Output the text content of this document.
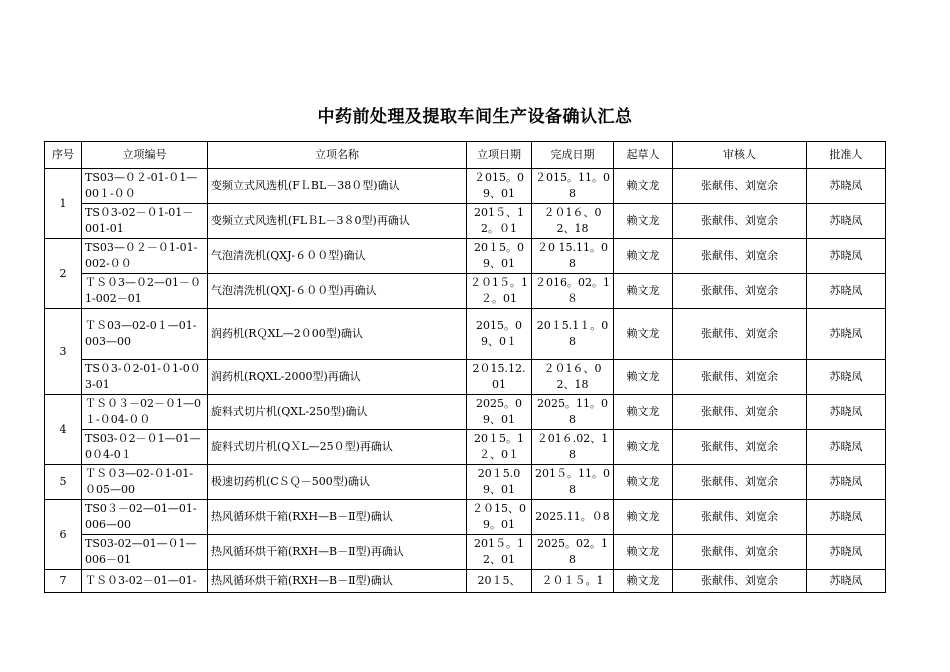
中药前处理及提取车间生产设备确认汇总
序号	立项编号	立项名称	立项日期	完成日期	起草人	审核人	批准人
1	TS03—０２-01-０1—00１-００	变频立式风选机(FＬBL－38０型)确认	２015。09、01	２015。11。08	赖文龙	张献伟、刘宽余	苏晓凤
	TS０3-02－０1-01－001-01	变频立式风选机(FLＢL－3８0型)再确认	201５、12。０1	２０1６、02、18	赖文龙	张献伟、刘宽余	苏晓凤
2	TS03—０２－０1-01-002-００	气泡清洗机(QXJ-６００型)确认	20１5。09、01	２0 15.11。08	赖文龙	张献伟、刘宽余	苏晓凤
	ＴＳ０3—０2—01－０1-002－01	气泡清洗机(QXJ-６００型)再确认	２０1５。1２。01	２016。02。1８	赖文龙	张献伟、刘宽余	苏晓凤
3	ＴＳ03—02-0１—01-003—00	润药机(RＱXL—2０00型)确认	2015。09、0１	20１5.1１。08	赖文龙	张献伟、刘宽余	苏晓凤
	TS０3-０2-01-０1-0０3-01	润药机(RQXL-2000型)再确认	2０15.12.01	２０1６、02、18	赖文龙	张献伟、刘宽余	苏晓凤
4	ＴＳ０３－02－０1—0１-０04-００	旋料式切片机(QXL-250型)确认	2025。09、01	2025。11。08	赖文龙	张献伟、刘宽余	苏晓凤
	TS03-０2－０1—01—0０4-0１	旋料式切片机(QＸL—25０型)再确认	20１5。1２、0１	２01６.02、18	赖文龙	张献伟、刘宽余	苏晓凤
5	ＴＳ０3—02-０1-01-０05—00	极速切药机(CＳＱ－500型)确认	20１5.09、01	201５。11。08	赖文龙	张献伟、刘宽余	苏晓凤
6	TS0３－02—01—01-006—00	热风循环烘干箱(RXH—B－Ⅱ型)确认	２０15、09。01	2025.11。０8	赖文龙	张献伟、刘宽余	苏晓凤
	TS03-02—01—０1—006－01	热风循环烘干箱(RXH—B－Ⅱ型)再确认	201５。12、01	2025。02。18	赖文龙	张献伟、刘宽余	苏晓凤
7	ＴＳ０3-02－01—01-	热风循环烘干箱(RXH—B－Ⅱ型)确认	20１5、	２０１５。1	赖文龙	张献伟、刘宽余	苏晓凤
